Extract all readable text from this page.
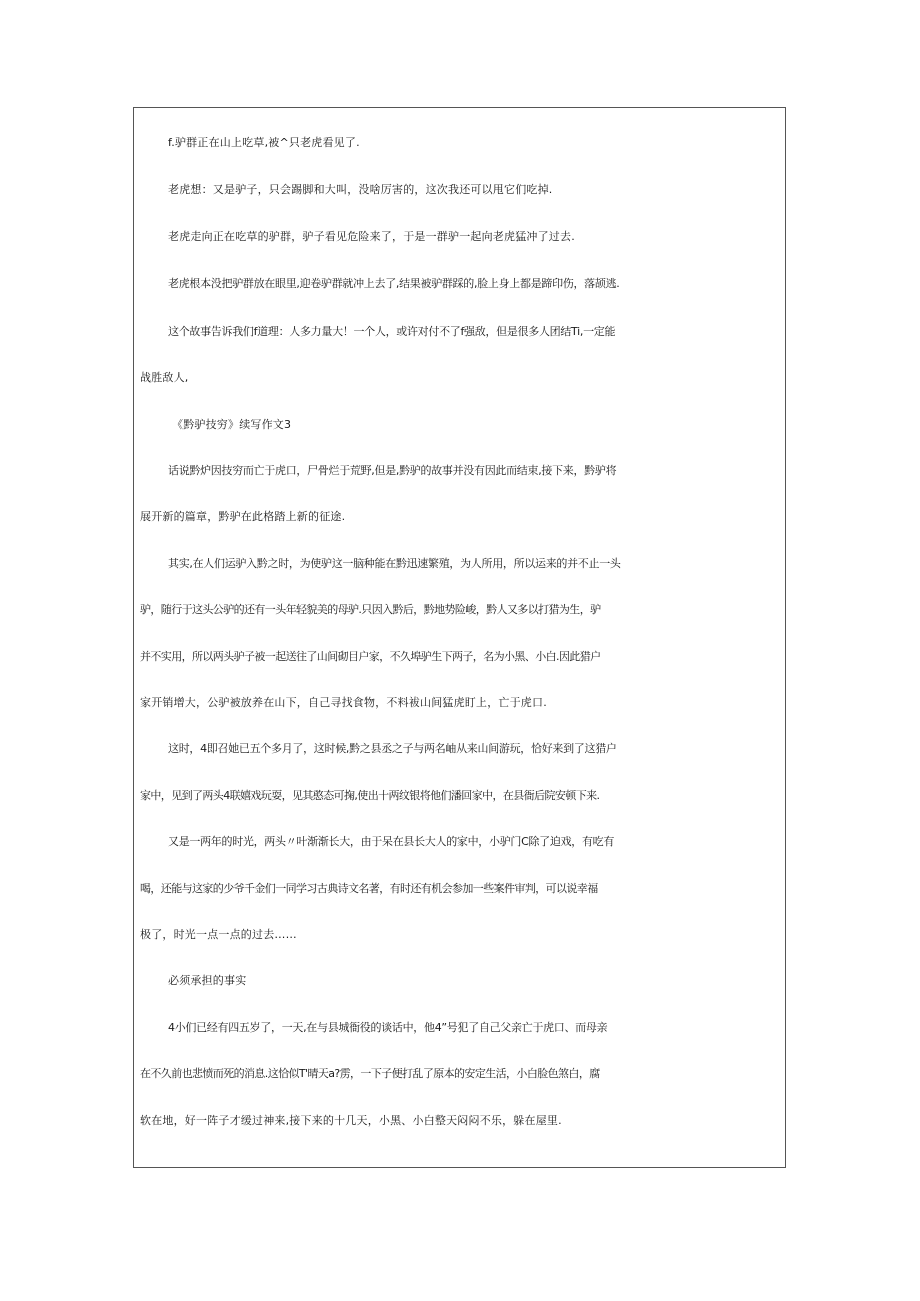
f.驴群正在山上吃草,被^只老虎看见了.
老虎想：又是驴子，只会踢脚和大叫，没啥厉害的，这次我还可以甩它们吃掉.
老虎走向正在吃草的驴群，驴子看见危险来了，于是一群驴一起向老虎猛冲了过去.
老虎根本没把驴群放在眼里,迎卷驴群就冲上去了,结果被驴群踩的,脸上身上都是蹄印伤，落颉逃.
这个故事告诉我们f道理：人多力量大！一个人，或许对付不了f强敌，但是很多人团结Ti,一定能
战胜敌人,
《黔驴技穷》续写作文3
话说黔炉因技穷而亡于虎口，尸骨烂于荒野,但是,黔驴的故事并没有因此而结束,接下来，黔驴将
展开新的篇章，黔驴在此格踏上新的征途.
其实,在人们运驴入黔之时，为使驴这一脑种能在黔迅速繁殖，为人所用，所以运来的并不止一头
驴，随行于这头公驴的还有一头年轻貌美的母驴.只因入黔后，黔地势险峻，黔人又多以打猎为生，驴
并不实用，所以两头驴子被一起送往了山间砌目户家，不久埠驴生下两子，名为小黑、小白.因此猎户
家开销增大，公驴被放养在山下，自己寻找食物，不料袚山间猛虎盯上，亡于虎口.
这时，4即召她已五个多月了，这时候,黔之县丞之子与两名岫从来山间游玩，恰好来到了这猎户
家中，见到了两头4联嬉戏玩耍，见其憨态可掬,使出十两纹银将他们潘回家中，在县衙后院安顿下来.
又是一两年的时光，两头〃叶渐渐长大，由于呆在县长大人的家中，小驴门C除了迫戏，有吃有
喝，还能与这家的少爷千金们一同学习古典诗文名著，有时还有机会参加一些案件审判，可以说幸福
极了，时光一点一点的过去……
必须承担的事实
4小们已经有四五岁了，一天,在与县城衙役的谈话中，他4”号犯了自己父亲亡于虎口、而母亲
在不久前也悲愤而死的消息.这恰似T'晴天a?雳，一下子便打乱了原本的安定生活，小白脸色煞白，腐
软在地，好一阵子才缓过神来,接下来的十几天，小黑、小白整天闷闷不乐，躲在屋里.
